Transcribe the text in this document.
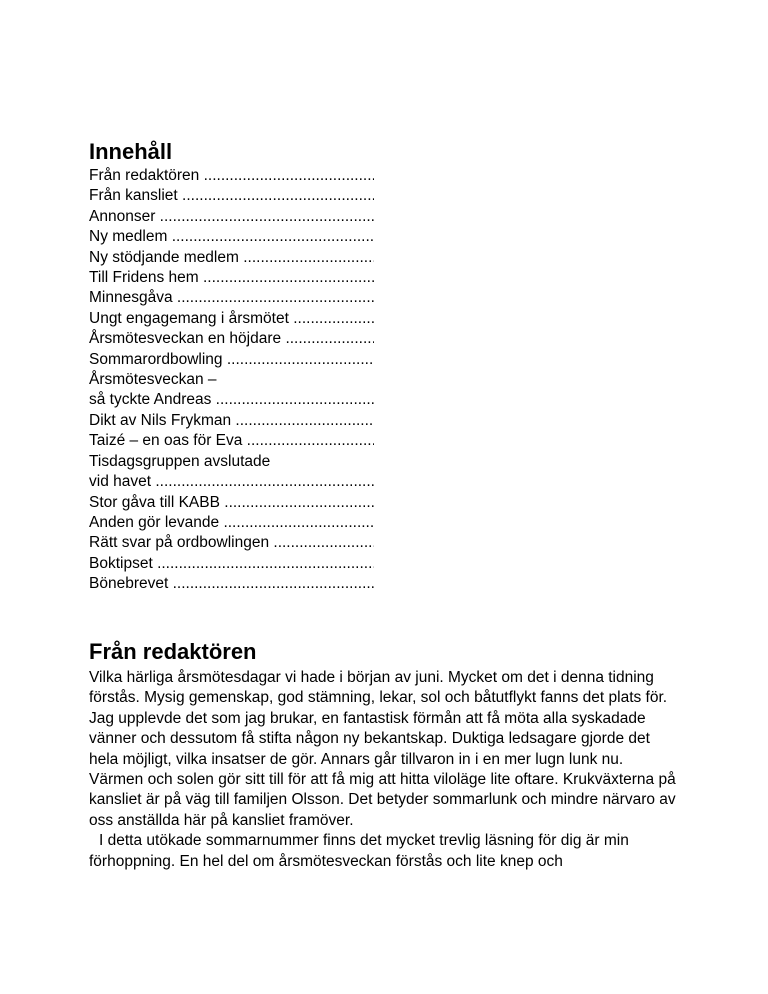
Innehåll
Från redaktören .....
Från kansliet .....
Annonser .....
Ny medlem .....
Ny stödjande medlem .....
Till Fridens hem .....
Minnesgåva .....
Ungt engagemang i årsmötet .....
Årsmötesveckan en höjdare .....
Sommarordbowling .....
Årsmötesveckan –
så tyckte Andreas .....
Dikt av Nils Frykman .....
Taizé – en oas för Eva .....
Tisdagsgruppen avslutade
vid havet .....
Stor gåva till KABB .....
Anden gör levande .....
Rätt svar på ordbowlingen .....
Boktipset .....
Bönebrevet .....
Från redaktören

Vilka härliga årsmötesdagar vi hade i början av juni. Mycket om det i denna tidning förstås. Mysig gemenskap, god stämning, lekar, sol och båtutflykt fanns det plats för. Jag upplevde det som jag brukar, en fantastisk förmån att få möta alla syskadade vänner och dessutom få stifta någon ny bekantskap. Duktiga ledsagare gjorde det hela möjligt, vilka insatser de gör. Annars går tillvaron in i en mer lugn lunk nu. Värmen och solen gör sitt till för att få mig att hitta viloläge lite oftare. Krukväxterna på kansliet är på väg till familjen Olsson. Det betyder sommarlunk och mindre närvaro av oss anställda här på kansliet framöver.

I detta utökade sommarnummer finns det mycket trevlig läsning för dig är min förhoppning. En hel del om årsmötesveckan förstås och lite knep och
